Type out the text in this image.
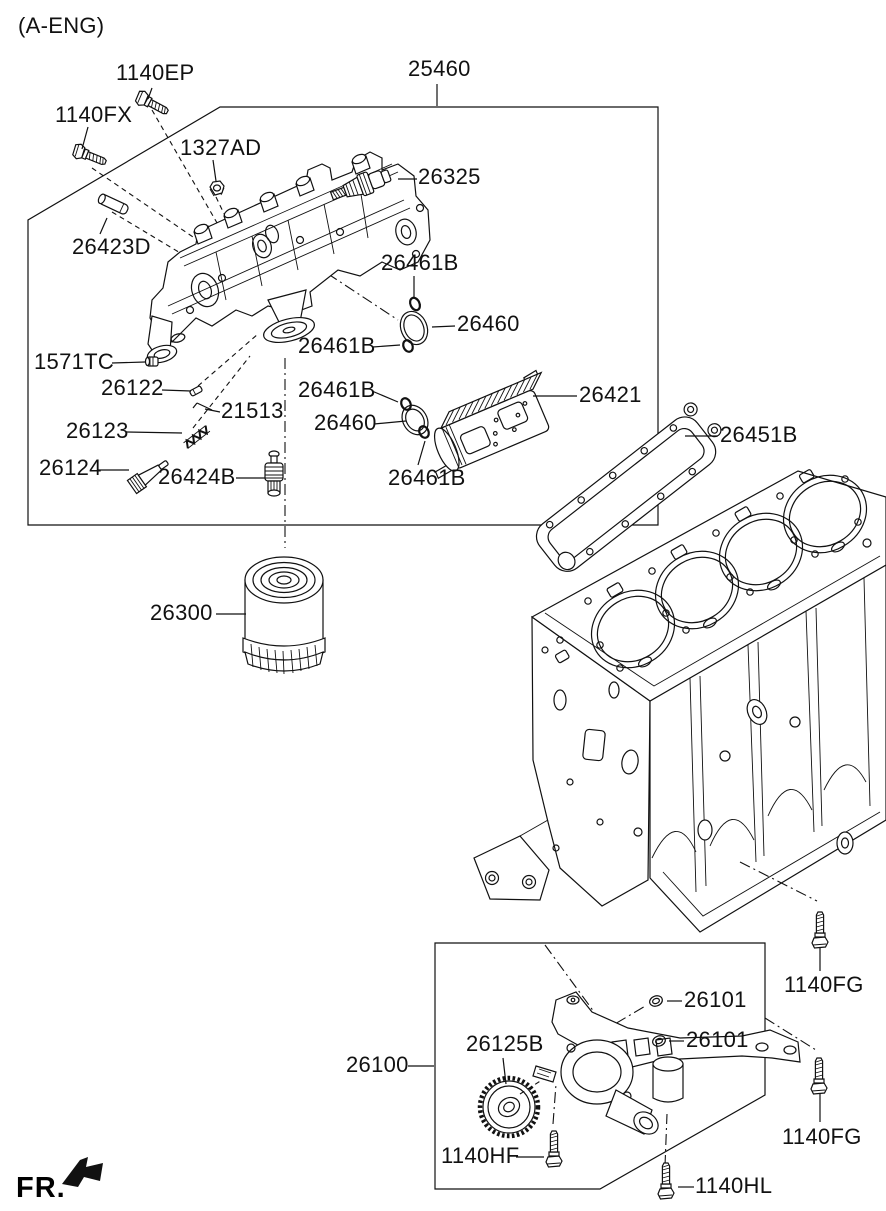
(A-ENG)
1140EP
1140FX
1327AD
25460
26325
26423D
26461B
26460
26461B
1571TC
26122	26461B
21513 26460
26123
26421
26124	26424B	26461B
26451B
26300
26101
26101
26125B
26100
1140FG
1140FG
1140HF
1140HL
FR.
